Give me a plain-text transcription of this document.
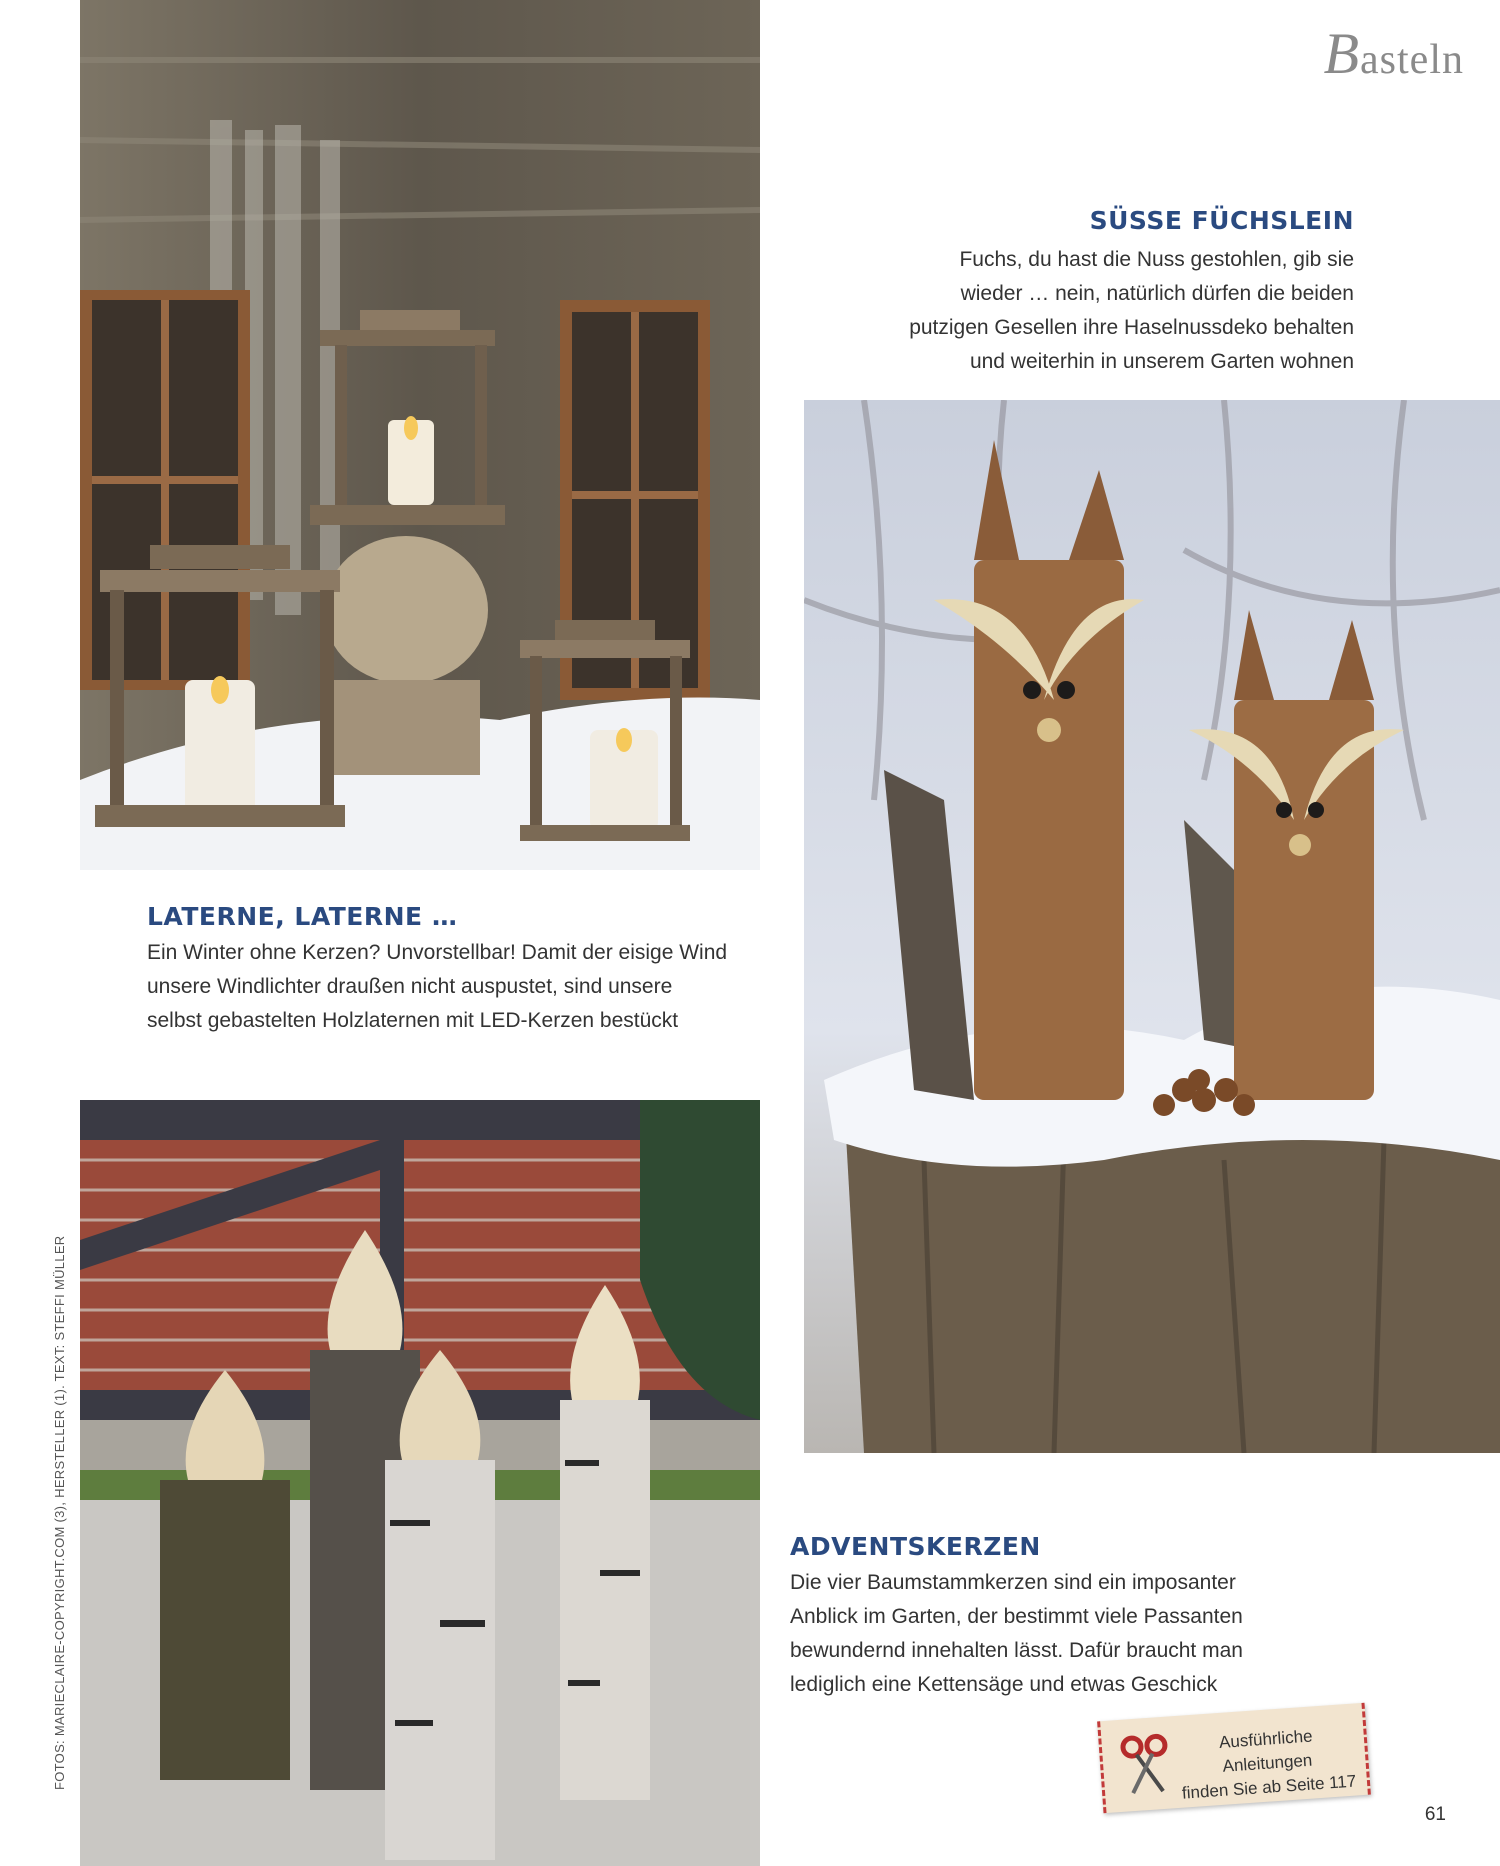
Basteln
SÜSSE FÜCHSLEIN
Fuchs, du hast die Nuss gestohlen, gib sie
wieder … nein, natürlich dürfen die beiden
putzigen Gesellen ihre Haselnussdeko behalten
und weiterhin in unserem Garten wohnen
LATERNE, LATERNE …
Ein Winter ohne Kerzen? Unvorstellbar! Damit der eisige Wind
unsere Windlichter draußen nicht auspustet, sind unsere
selbst gebastelten Holzlaternen mit LED-Kerzen bestückt
FOTOS: MARIECLAIRE-COPYRIGHT.COM (3), HERSTELLER (1). TEXT: STEFFI MÜLLER	ADVENTSKERZEN
Die vier Baumstammkerzen sind ein imposanter
Anblick im Garten, der bestimmt viele Passanten
bewundernd innehalten lässt. Dafür braucht man
lediglich eine Kettensäge und etwas Geschick
Ausführliche Anleitungen
finden Sie ab Seite 117
61
